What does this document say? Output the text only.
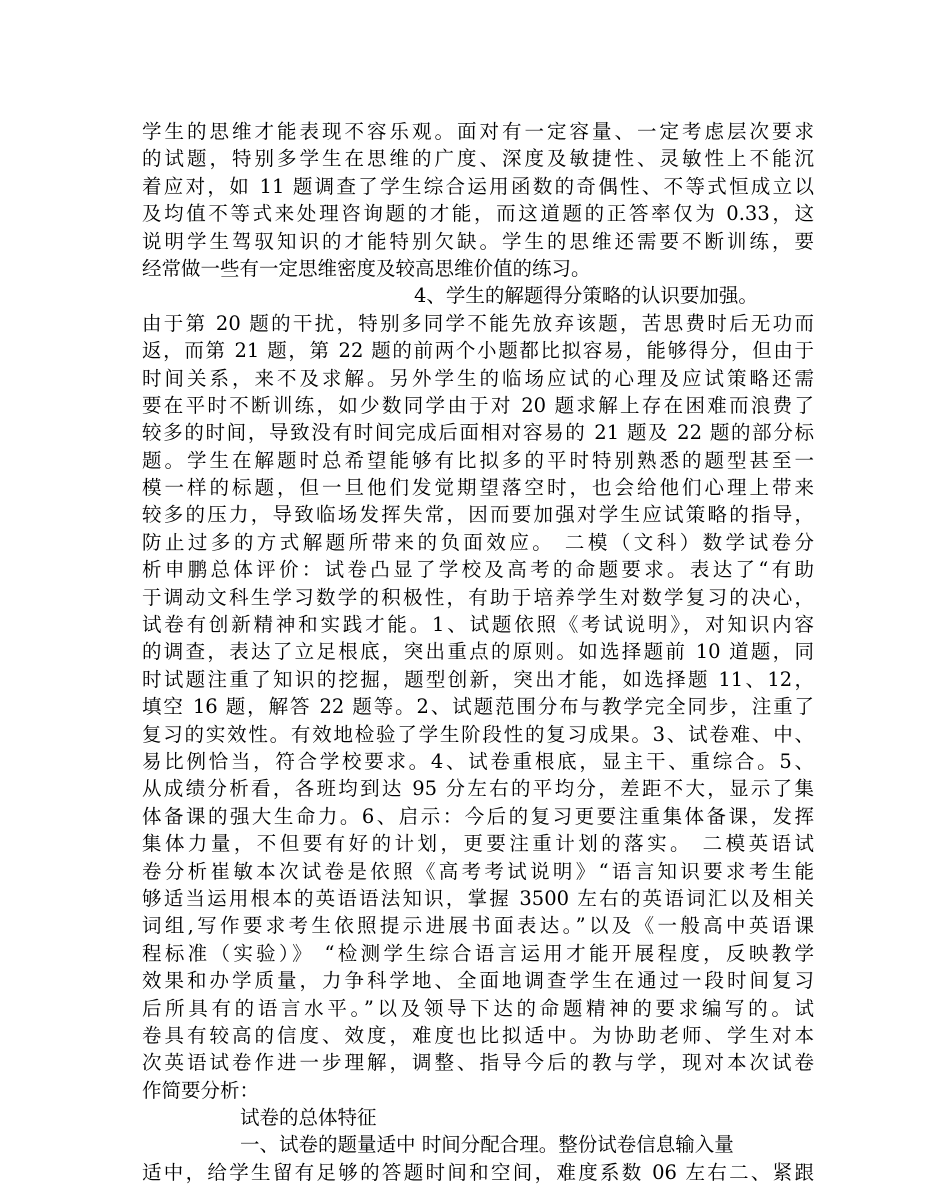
学生的思维才能表现不容乐观。面对有一定容量、一定考虑层次要求
的试题，特别多学生在思维的广度、深度及敏捷性、灵敏性上不能沉
着应对，如 11 题调查了学生综合运用函数的奇偶性、不等式恒成立以
及均值不等式来处理咨询题的才能，而这道题的正答率仅为 0.33，这
说明学生驾驭知识的才能特别欠缺。学生的思维还需要不断训练，要
经常做一些有一定思维密度及较高思维价值的练习。
4、学生的解题得分策略的认识要加强。
由于第 20 题的干扰，特别多同学不能先放弃该题，苦思费时后无功而
返，而第 21 题，第 22 题的前两个小题都比拟容易，能够得分，但由于
时间关系，来不及求解。另外学生的临场应试的心理及应试策略还需
要在平时不断训练，如少数同学由于对 20 题求解上存在困难而浪费了
较多的时间，导致没有时间完成后面相对容易的 21 题及 22 题的部分标
题。学生在解题时总希望能够有比拟多的平时特别熟悉的题型甚至一
模一样的标题，但一旦他们发觉期望落空时，也会给他们心理上带来
较多的压力，导致临场发挥失常，因而要加强对学生应试策略的指导，
防止过多的方式解题所带来的负面效应。 二模（文科）数学试卷分
析申鹏总体评价：试卷凸显了学校及高考的命题要求。表达了“有助
于调动文科生学习数学的积极性，有助于培养学生对数学复习的决心，
试卷有创新精神和实践才能。1、试题依照《考试说明》，对知识内容
的调查，表达了立足根底，突出重点的原则。如选择题前 10 道题，同
时试题注重了知识的挖掘，题型创新，突出才能，如选择题 11、12，
填空 16 题，解答 22 题等。2、试题范围分布与教学完全同步，注重了
复习的实效性。有效地检验了学生阶段性的复习成果。3、试卷难、中、
易比例恰当，符合学校要求。4、试卷重根底，显主干、重综合。5、
从成绩分析看，各班均到达 95 分左右的平均分，差距不大，显示了集
体备课的强大生命力。6、启示：今后的复习更要注重集体备课，发挥
集体力量，不但要有好的计划，更要注重计划的落实。 二模英语试
卷分析崔敏本次试卷是依照《高考考试说明》“语言知识要求考生能
够适当运用根本的英语语法知识，掌握 3500 左右的英语词汇以及相关
词组,写作要求考生依照提示进展书面表达。”以及《一般高中英语课
程标准（实验）》 “检测学生综合语言运用才能开展程度，反映教学
效果和办学质量，力争科学地、全面地调查学生在通过一段时间复习
后所具有的语言水平。”以及领导下达的命题精神的要求编写的。试
卷具有较高的信度、效度，难度也比拟适中。为协助老师、学生对本
次英语试卷作进一步理解，调整、指导今后的教与学，现对本次试卷
作简要分析：
试卷的总体特征
一、试卷的题量适中 时间分配合理。整份试卷信息输入量
适中，给学生留有足够的答题时间和空间，难度系数 06 左右二、紧跟
